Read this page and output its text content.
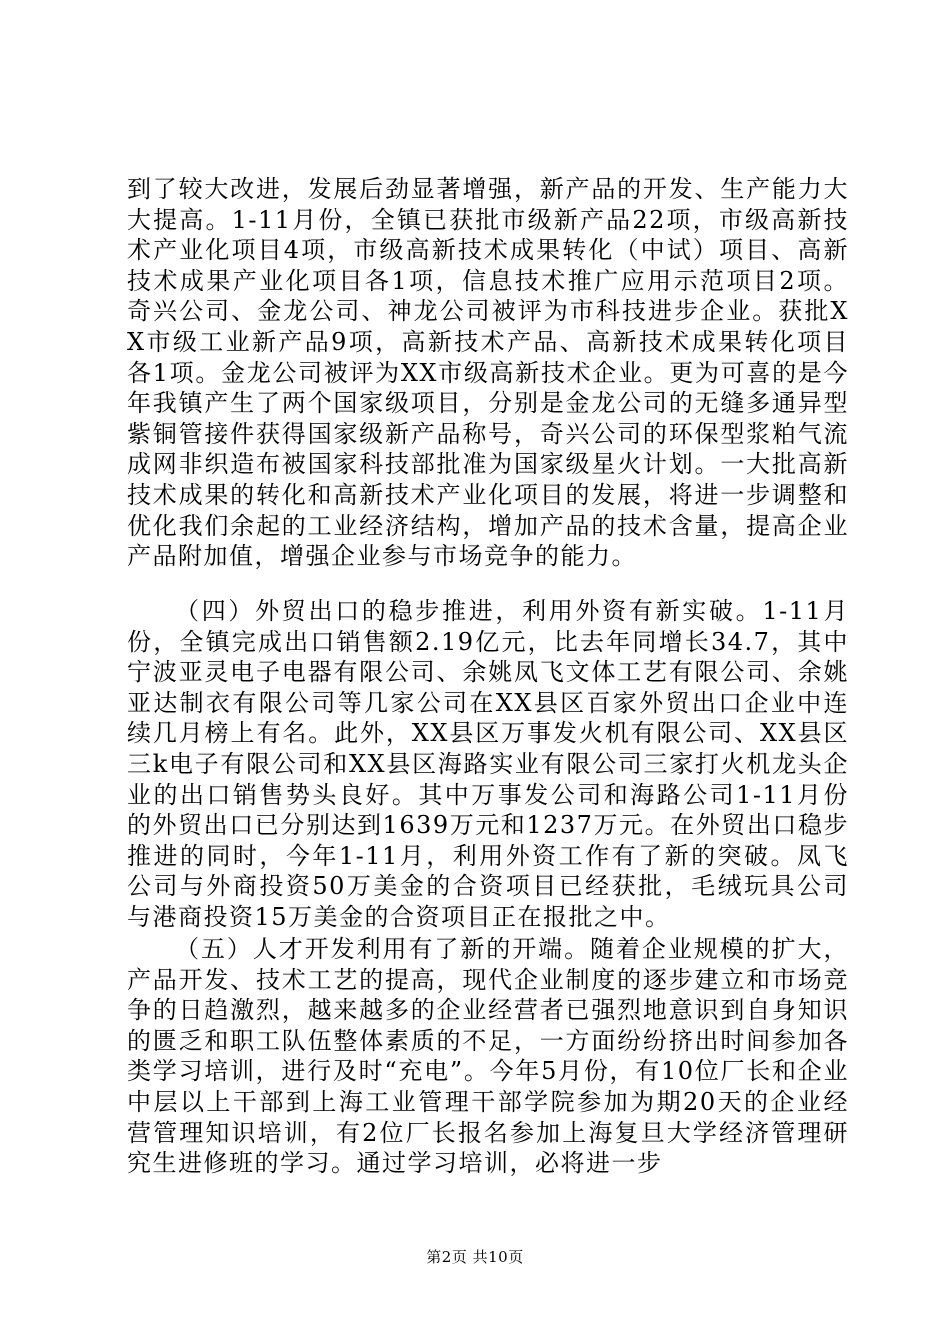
到了较大改进，发展后劲显著增强，新产品的开发、生产能力大大提高。1-11月份，全镇已获批市级新产品22项，市级高新技术产业化项目4项，市级高新技术成果转化（中试）项目、高新技术成果产业化项目各1项，信息技术推广应用示范项目2项。奇兴公司、金龙公司、神龙公司被评为市科技进步企业。获批XX市级工业新产品9项，高新技术产品、高新技术成果转化项目各1项。金龙公司被评为XX市级高新技术企业。更为可喜的是今年我镇产生了两个国家级项目，分别是金龙公司的无缝多通异型紫铜管接件获得国家级新产品称号，奇兴公司的环保型浆粕气流成网非织造布被国家科技部批准为国家级星火计划。一大批高新技术成果的转化和高新技术产业化项目的发展，将进一步调整和优化我们余起的工业经济结构，增加产品的技术含量，提高企业产品附加值，增强企业参与市场竞争的能力。

（四）外贸出口的稳步推进，利用外资有新实破。1-11月份，全镇完成出口销售额2.19亿元，比去年同增长34.7，其中宁波亚灵电子电器有限公司、余姚凤飞文体工艺有限公司、余姚亚达制衣有限公司等几家公司在XX县区百家外贸出口企业中连续几月榜上有名。此外，XX县区万事发火机有限公司、XX县区三k电子有限公司和XX县区海路实业有限公司三家打火机龙头企业的出口销售势头良好。其中万事发公司和海路公司1-11月份的外贸出口已分别达到1639万元和1237万元。在外贸出口稳步推进的同时，今年1-11月，利用外资工作有了新的突破。凤飞公司与外商投资50万美金的合资项目已经获批，毛绒玩具公司与港商投资15万美金的合资项目正在报批之中。

（五）人才开发利用有了新的开端。随着企业规模的扩大，产品开发、技术工艺的提高，现代企业制度的逐步建立和市场竞争的日趋激烈，越来越多的企业经营者已强烈地意识到自身知识的匮乏和职工队伍整体素质的不足，一方面纷纷挤出时间参加各类学习培训，进行及时“充电”。今年5月份，有10位厂长和企业中层以上干部到上海工业管理干部学院参加为期20天的企业经营管理知识培训，有2位厂长报名参加上海复旦大学经济管理研究生进修班的学习。通过学习培训，必将进一步

第2页 共10页
